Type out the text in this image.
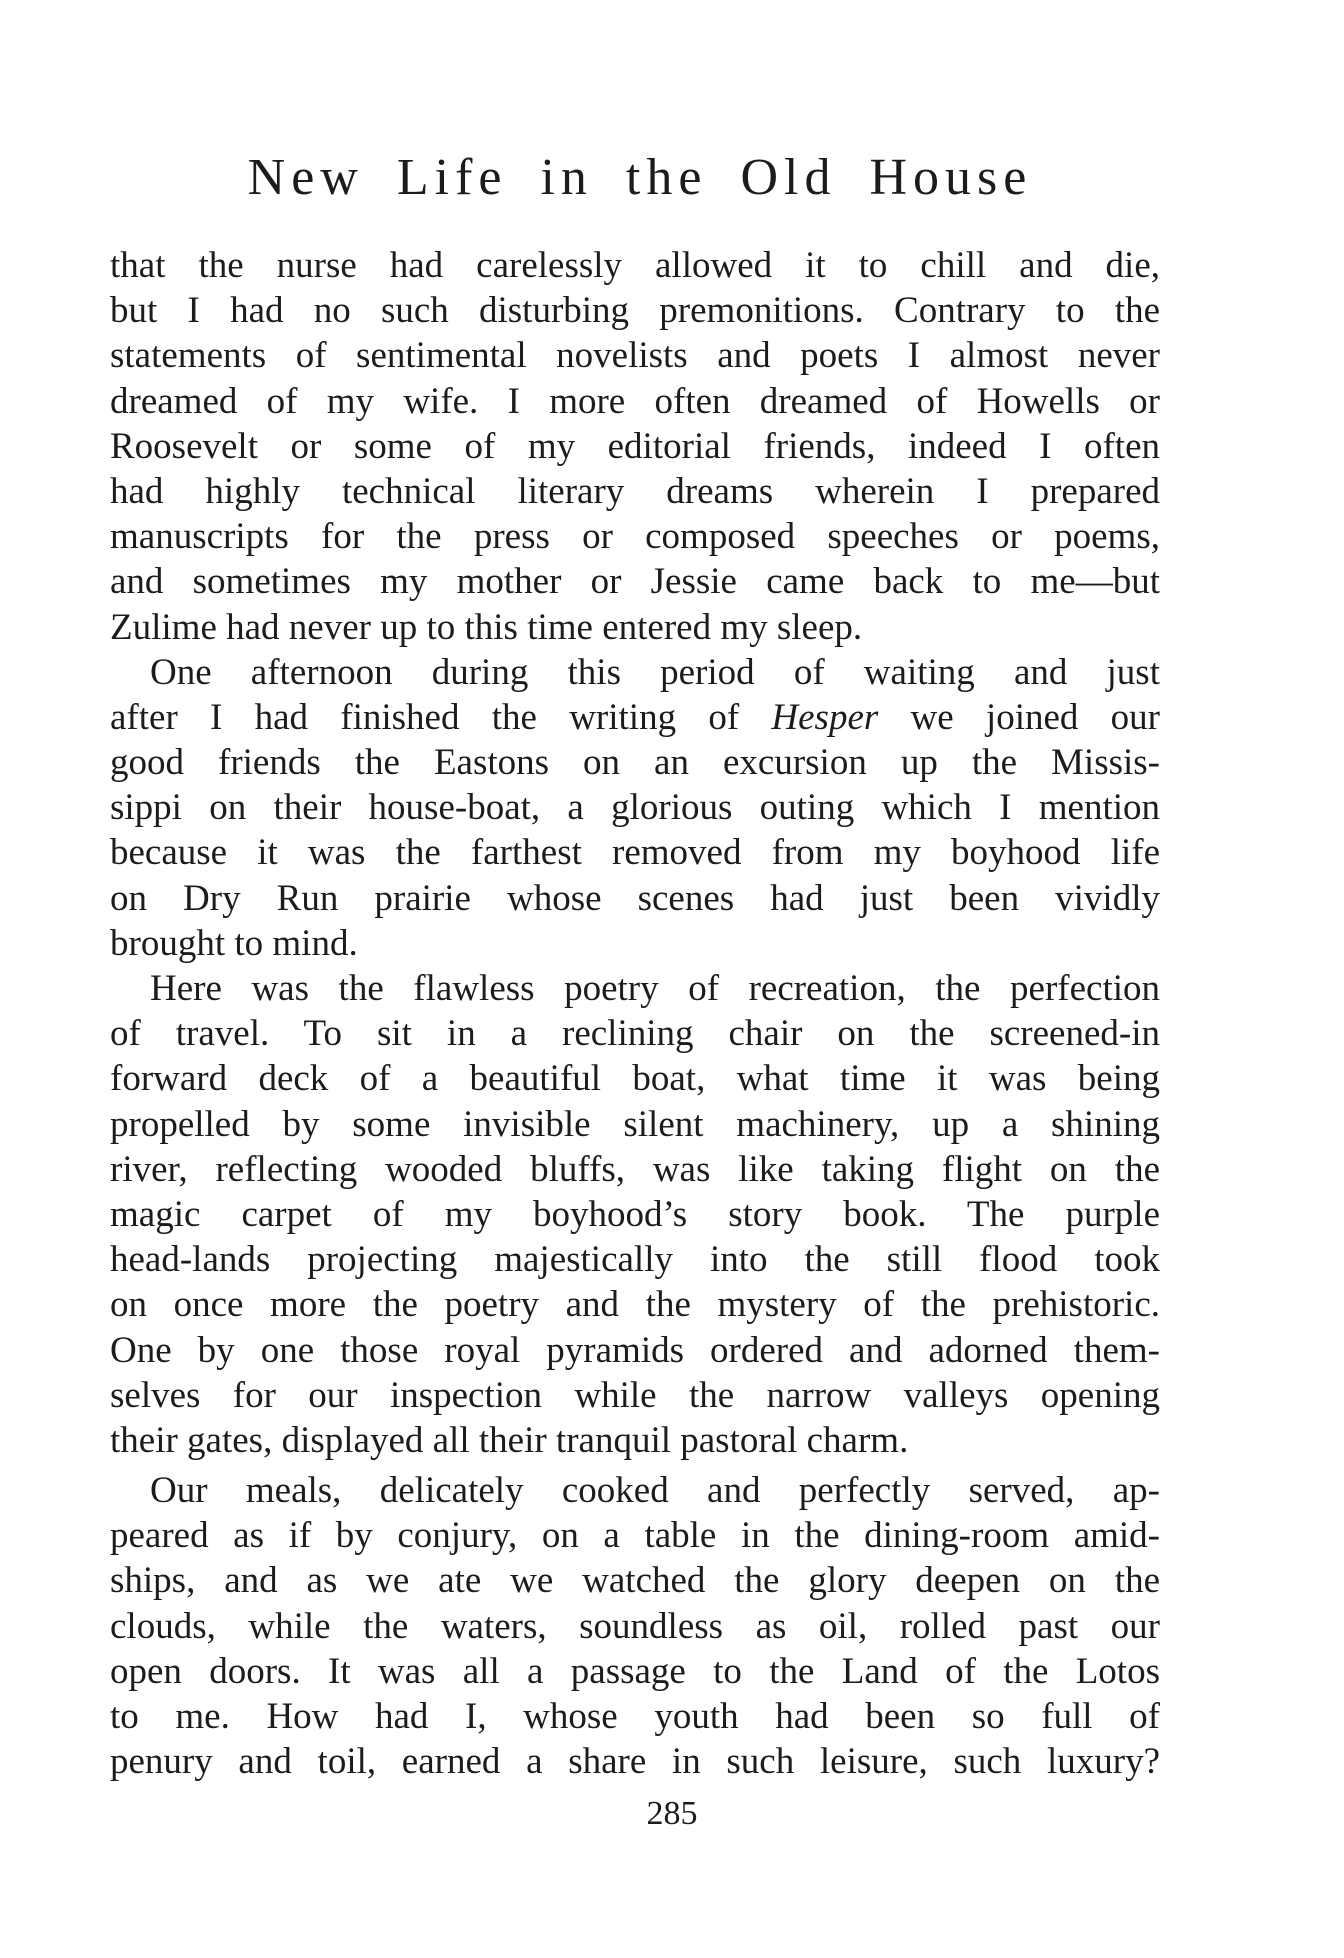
New Life in the Old House
that the nurse had carelessly allowed it to chill and die,
but I had no such disturbing premonitions. Contrary to the
statements of sentimental novelists and poets I almost never
dreamed of my wife. I more often dreamed of Howells or
Roosevelt or some of my editorial friends, indeed I often
had highly technical literary dreams wherein I prepared
manuscripts for the press or composed speeches or poems,
and sometimes my mother or Jessie came back to me—but
Zulime had never up to this time entered my sleep.
One afternoon during this period of waiting and just
after I had finished the writing of Hesper we joined our
good friends the Eastons on an excursion up the Missis-
sippi on their house-boat, a glorious outing which I mention
because it was the farthest removed from my boyhood life
on Dry Run prairie whose scenes had just been vividly
brought to mind.
Here was the flawless poetry of recreation, the perfection
of travel. To sit in a reclining chair on the screened-in
forward deck of a beautiful boat, what time it was being
propelled by some invisible silent machinery, up a shining
river, reflecting wooded bluffs, was like taking flight on the
magic carpet of my boyhood’s story book. The purple
head-lands projecting majestically into the still flood took
on once more the poetry and the mystery of the prehistoric.
One by one those royal pyramids ordered and adorned them-
selves for our inspection while the narrow valleys opening
their gates, displayed all their tranquil pastoral charm.
Our meals, delicately cooked and perfectly served, ap-
peared as if by conjury, on a table in the dining-room amid-
ships, and as we ate we watched the glory deepen on the
clouds, while the waters, soundless as oil, rolled past our
open doors. It was all a passage to the Land of the Lotos
to me. How had I, whose youth had been so full of
penury and toil, earned a share in such leisure, such luxury?
285
